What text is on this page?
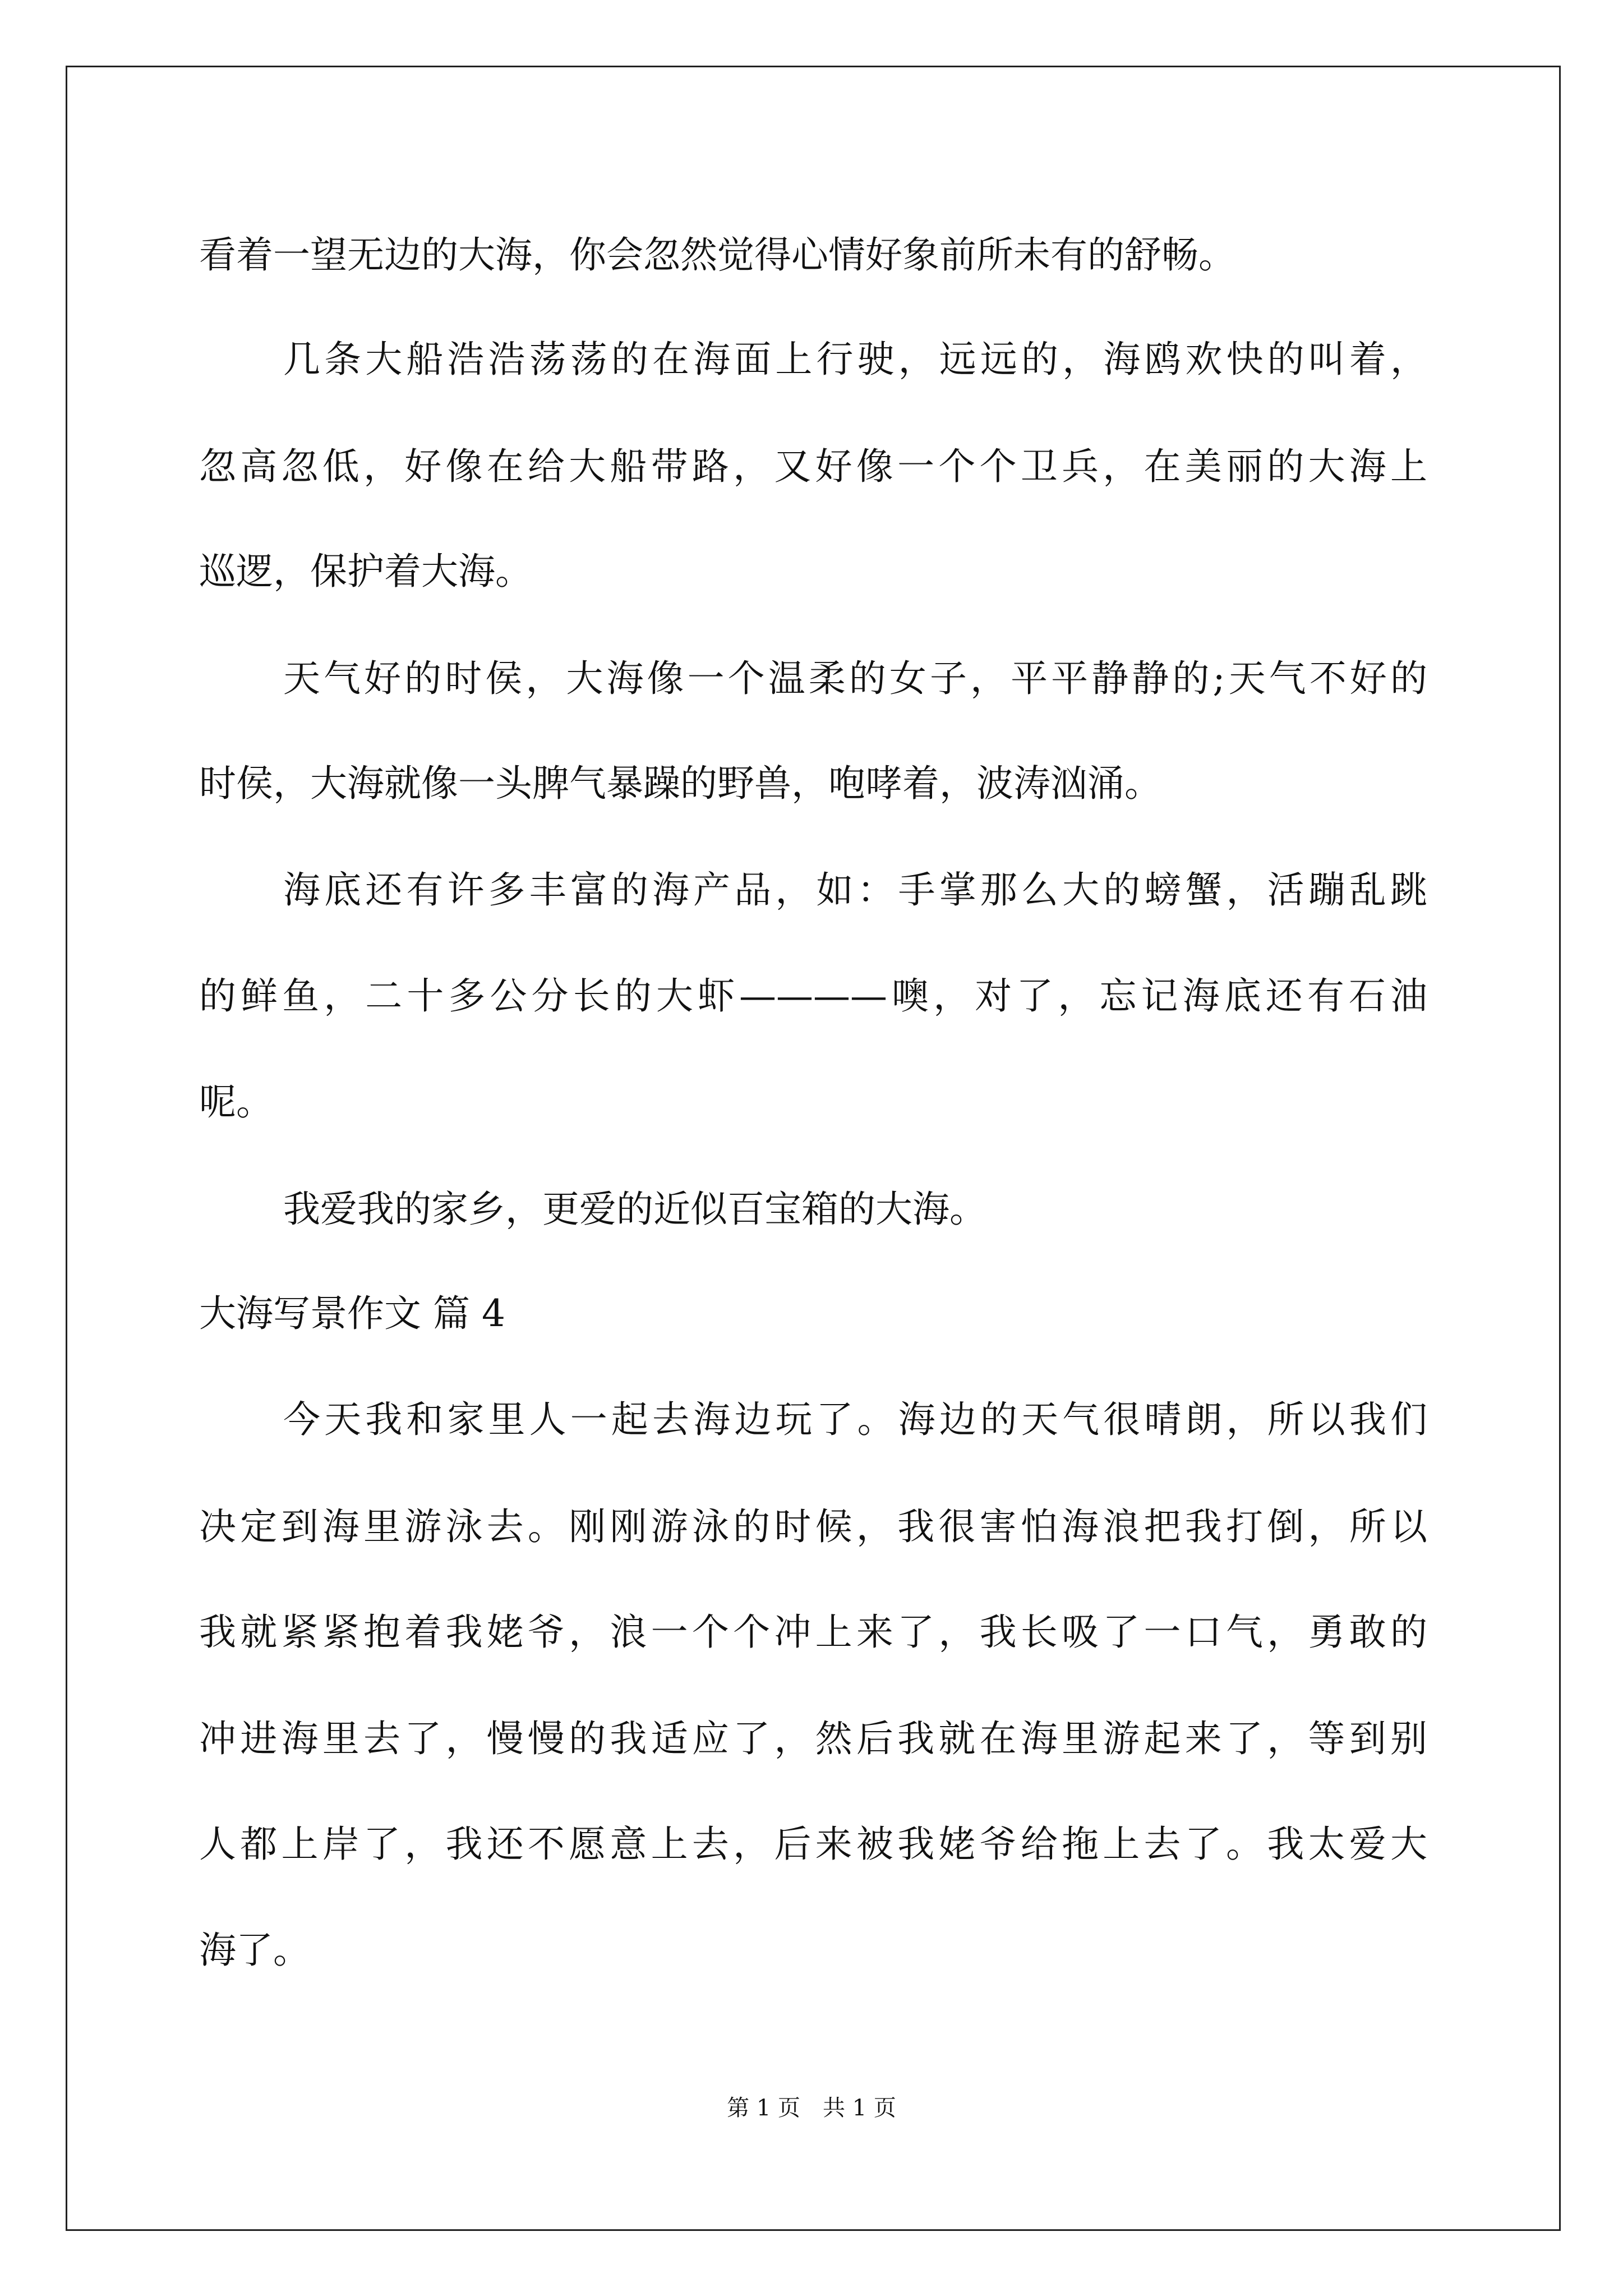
看着一望无边的大海，你会忽然觉得心情好象前所未有的舒畅。
几条大船浩浩荡荡的在海面上行驶，远远的，海鸥欢快的叫着，
忽高忽低，好像在给大船带路，又好像一个个卫兵，在美丽的大海上
巡逻，保护着大海。
天气好的时侯，大海像一个温柔的女子，平平静静的;天气不好的
时侯，大海就像一头脾气暴躁的野兽，咆哮着，波涛汹涌。
海底还有许多丰富的海产品，如：手掌那么大的螃蟹，活蹦乱跳
的鲜鱼，二十多公分长的大虾————噢，对了，忘记海底还有石油
呢。
我爱我的家乡，更爱的近似百宝箱的大海。
大海写景作文 篇 4
今天我和家里人一起去海边玩了。海边的天气很晴朗，所以我们
决定到海里游泳去。刚刚游泳的时候，我很害怕海浪把我打倒，所以
我就紧紧抱着我姥爷，浪一个个冲上来了，我长吸了一口气，勇敢的
冲进海里去了，慢慢的我适应了，然后我就在海里游起来了，等到别
人都上岸了，我还不愿意上去，后来被我姥爷给拖上去了。我太爱大
海了。
第 1 页　共 1 页
